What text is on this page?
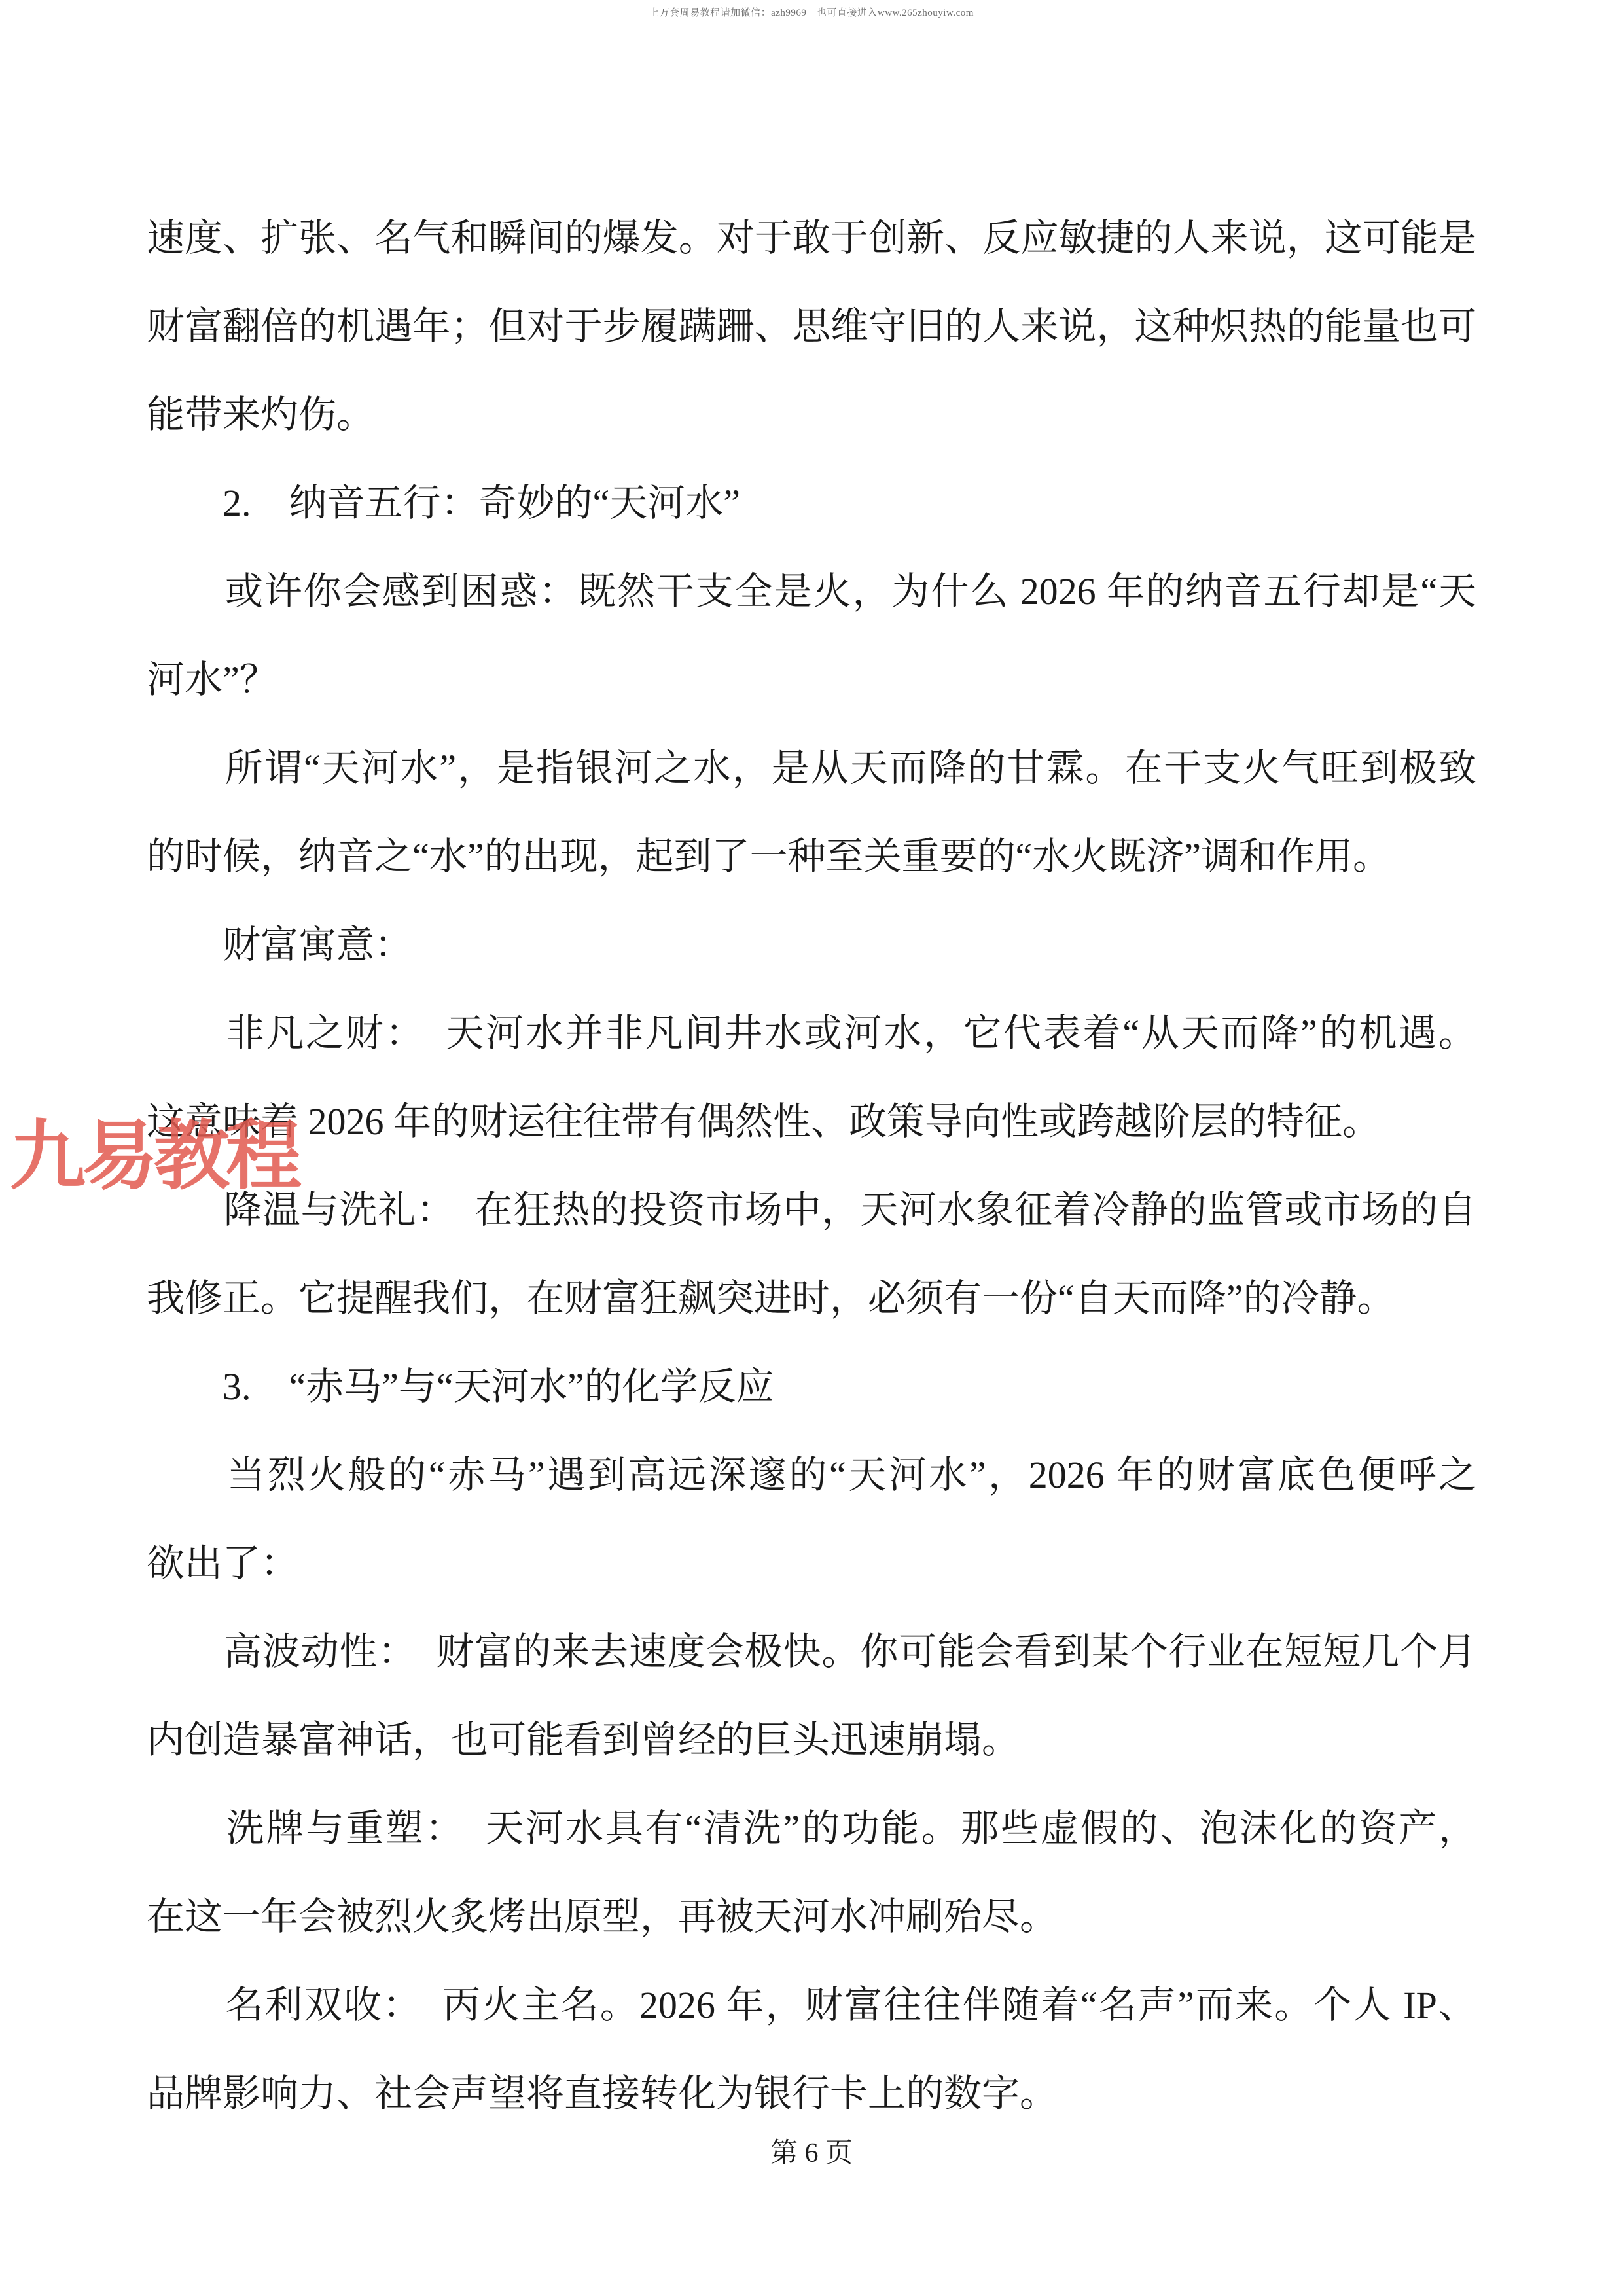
上万套周易教程请加微信：azh9969　也可直接进入www.265zhouyiw.com
速度、扩张、名气和瞬间的爆发。对于敢于创新、反应敏捷的人来说，这可能是
财富翻倍的机遇年；但对于步履蹒跚、思维守旧的人来说，这种炽热的能量也可
能带来灼伤。
　　2.　纳音五行：奇妙的“天河水”
　　或许你会感到困惑：既然干支全是火，为什么 2026 年的纳音五行却是“天
河水”？
　　所谓“天河水”，是指银河之水，是从天而降的甘霖。在干支火气旺到极致
的时候，纳音之“水”的出现，起到了一种至关重要的“水火既济”调和作用。
　　财富寓意：
　　非凡之财：　天河水并非凡间井水或河水，它代表着“从天而降”的机遇。
这意味着 2026 年的财运往往带有偶然性、政策导向性或跨越阶层的特征。
　　降温与洗礼：　在狂热的投资市场中，天河水象征着冷静的监管或市场的自
我修正。它提醒我们，在财富狂飙突进时，必须有一份“自天而降”的冷静。
　　3.　“赤马”与“天河水”的化学反应
　　当烈火般的“赤马”遇到高远深邃的“天河水”，2026 年的财富底色便呼之
欲出了：
　　高波动性：　财富的来去速度会极快。你可能会看到某个行业在短短几个月
内创造暴富神话，也可能看到曾经的巨头迅速崩塌。
　　洗牌与重塑：　天河水具有“清洗”的功能。那些虚假的、泡沫化的资产，
在这一年会被烈火炙烤出原型，再被天河水冲刷殆尽。
　　名利双收：　丙火主名。2026 年，财富往往伴随着“名声”而来。个人 IP、
品牌影响力、社会声望将直接转化为银行卡上的数字。
九易教程
第 6 页
